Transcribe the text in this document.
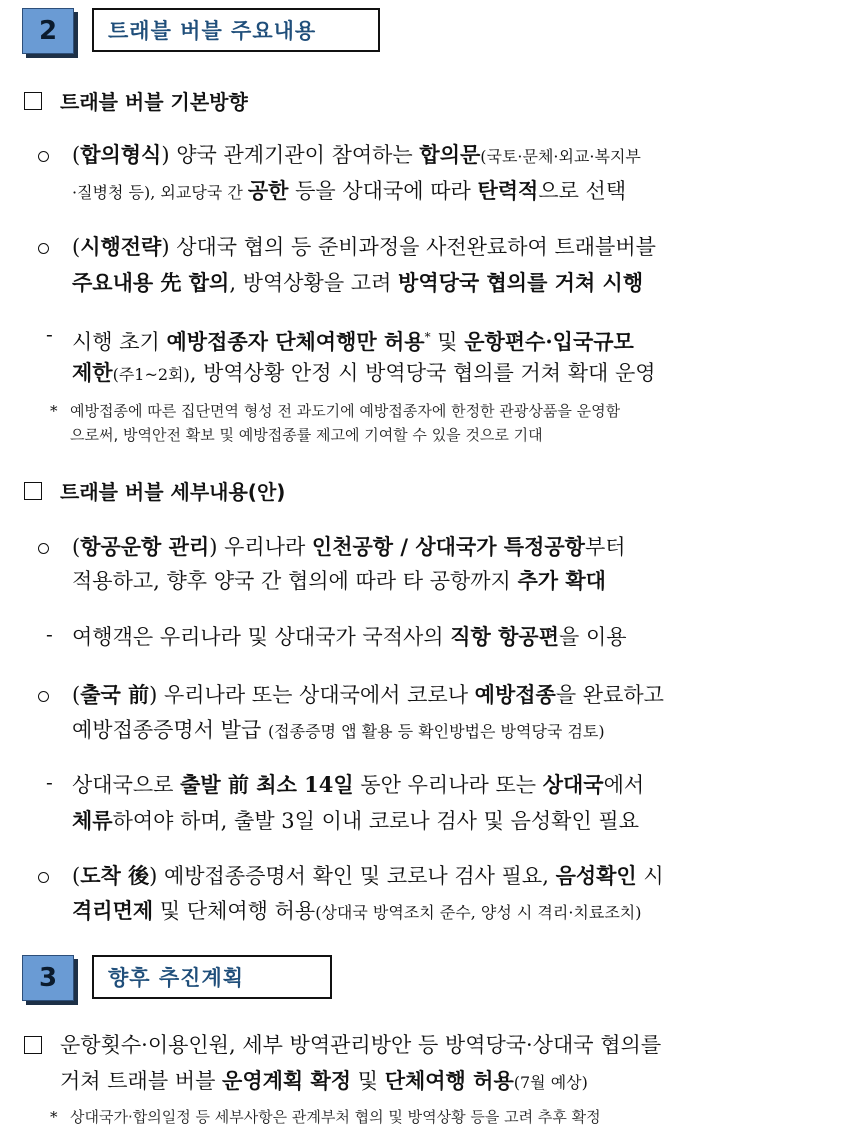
2	트래블 버블 주요내용
트래블 버블 기본방향
(합의형식) 양국 관계기관이 참여하는 합의문(국토·문체·외교·복지부
·질병청 등), 외교당국 간 공한 등을 상대국에 따라 탄력적으로 선택
(시행전략) 상대국 협의 등 준비과정을 사전완료하여 트래블버블
주요내용 先 합의, 방역상황을 고려 방역당국 협의를 거쳐 시행
- 시행 초기 예방접종자 단체여행만 허용* 및 운항편수·입국규모
제한(주1~2회), 방역상황 안정 시 방역당국 협의를 거쳐 확대 운영
* 예방접종에 따른 집단면역 형성 전 과도기에 예방접종자에 한정한 관광상품을 운영함
으로써, 방역안전 확보 및 예방접종률 제고에 기여할 수 있을 것으로 기대
트래블 버블 세부내용(안)
(항공운항 관리) 우리나라 인천공항 / 상대국가 특정공항부터
적용하고, 향후 양국 간 협의에 따라 타 공항까지 추가 확대
- 여행객은 우리나라 및 상대국가 국적사의 직항 항공편을 이용
(출국 前) 우리나라 또는 상대국에서 코로나 예방접종을 완료하고
예방접종증명서 발급 (접종증명 앱 활용 등 확인방법은 방역당국 검토)
- 상대국으로 출발 前 최소 14일 동안 우리나라 또는 상대국에서
체류하여야 하며, 출발 3일 이내 코로나 검사 및 음성확인 필요
(도착 後) 예방접종증명서 확인 및 코로나 검사 필요, 음성확인 시
격리면제 및 단체여행 허용(상대국 방역조치 준수, 양성 시 격리·치료조치)
3	향후 추진계획
운항횟수·이용인원, 세부 방역관리방안 등 방역당국·상대국 협의를
거쳐 트래블 버블 운영계획 확정 및 단체여행 허용(7월 예상)
* 상대국가·합의일정 등 세부사항은 관계부처 협의 및 방역상황 등을 고려 추후 확정
